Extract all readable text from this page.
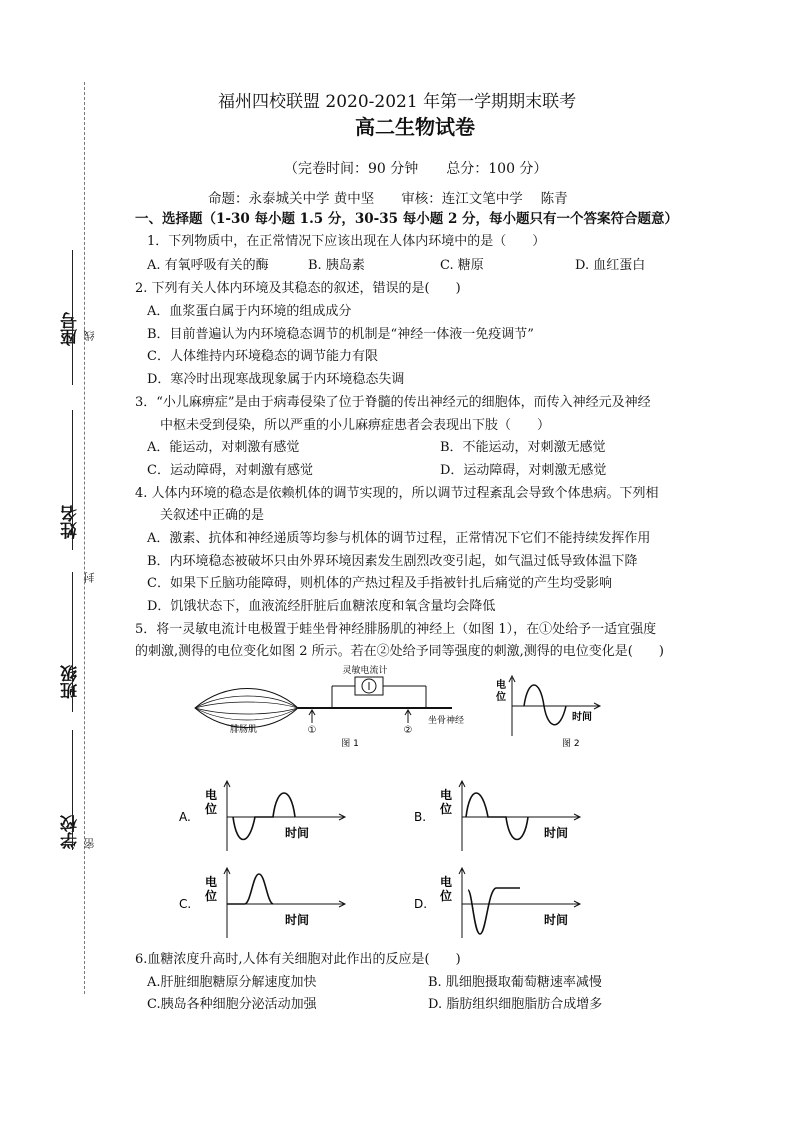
座号 线
姓名
封
班级
学校 密
福州四校联盟 2020-2021 年第一学期期末联考
高二生物试卷
（完卷时间：90 分钟　　总分：100 分）
命题：永泰城关中学 黄中坚　　审核：连江文笔中学　 陈青
一、选择题（1-30 每小题 1.5 分，30-35 每小题 2 分，每小题只有一个答案符合题意）
1．下列物质中，在正常情况下应该出现在人体内环境中的是（　　）
A. 有氧呼吸有关的酶	B. 胰岛素	C. 糖原	D. 血红蛋白
2. 下列有关人体内环境及其稳态的叙述，错误的是(　　)
A．血浆蛋白属于内环境的组成成分
B．目前普遍认为内环境稳态调节的机制是“神经一体液一免疫调节”
C．人体维持内环境稳态的调节能力有限
D．寒冷时出现寒战现象属于内环境稳态失调
3．“小儿麻痹症”是由于病毒侵染了位于脊髓的传出神经元的细胞体，而传入神经元及神经
中枢未受到侵染，所以严重的小儿麻痹症患者会表现出下肢（　　）
A．能运动，对刺激有感觉	B．不能运动，对刺激无感觉
C．运动障碍，对刺激有感觉	D．运动障碍，对刺激无感觉
4. 人体内环境的稳态是依赖机体的调节实现的，所以调节过程紊乱会导致个体患病。下列相
关叙述中正确的是
A．激素、抗体和神经递质等均参与机体的调节过程，正常情况下它们不能持续发挥作用
B．内环境稳态被破坏只由外界环境因素发生剧烈改变引起，如气温过低导致体温下降
C．如果下丘脑功能障碍，则机体的产热过程及手指被针扎后痛觉的产生均受影响
D．饥饿状态下，血液流经肝脏后血糖浓度和氧含量均会降低
5．将一灵敏电流计电极置于蛙坐骨神经腓肠肌的神经上（如图 1），在①处给予一适宜强度
的刺激,测得的电位变化如图 2 所示。若在②处给予同等强度的刺激,测得的电位变化是(　　)
灵敏电流计
腓肠肌	①	②
坐骨神经
图 1
电
位
时间
图 2
A.
电
位
时间
B.
电
位
时间
C.
电
位
时间
D.
电
位
时间
6.血糖浓度升高时,人体有关细胞对此作出的反应是(　　)
A.肝脏细胞糖原分解速度加快	B. 肌细胞摄取葡萄糖速率减慢
C.胰岛各种细胞分泌活动加强	D. 脂肪组织细胞脂肪合成增多
